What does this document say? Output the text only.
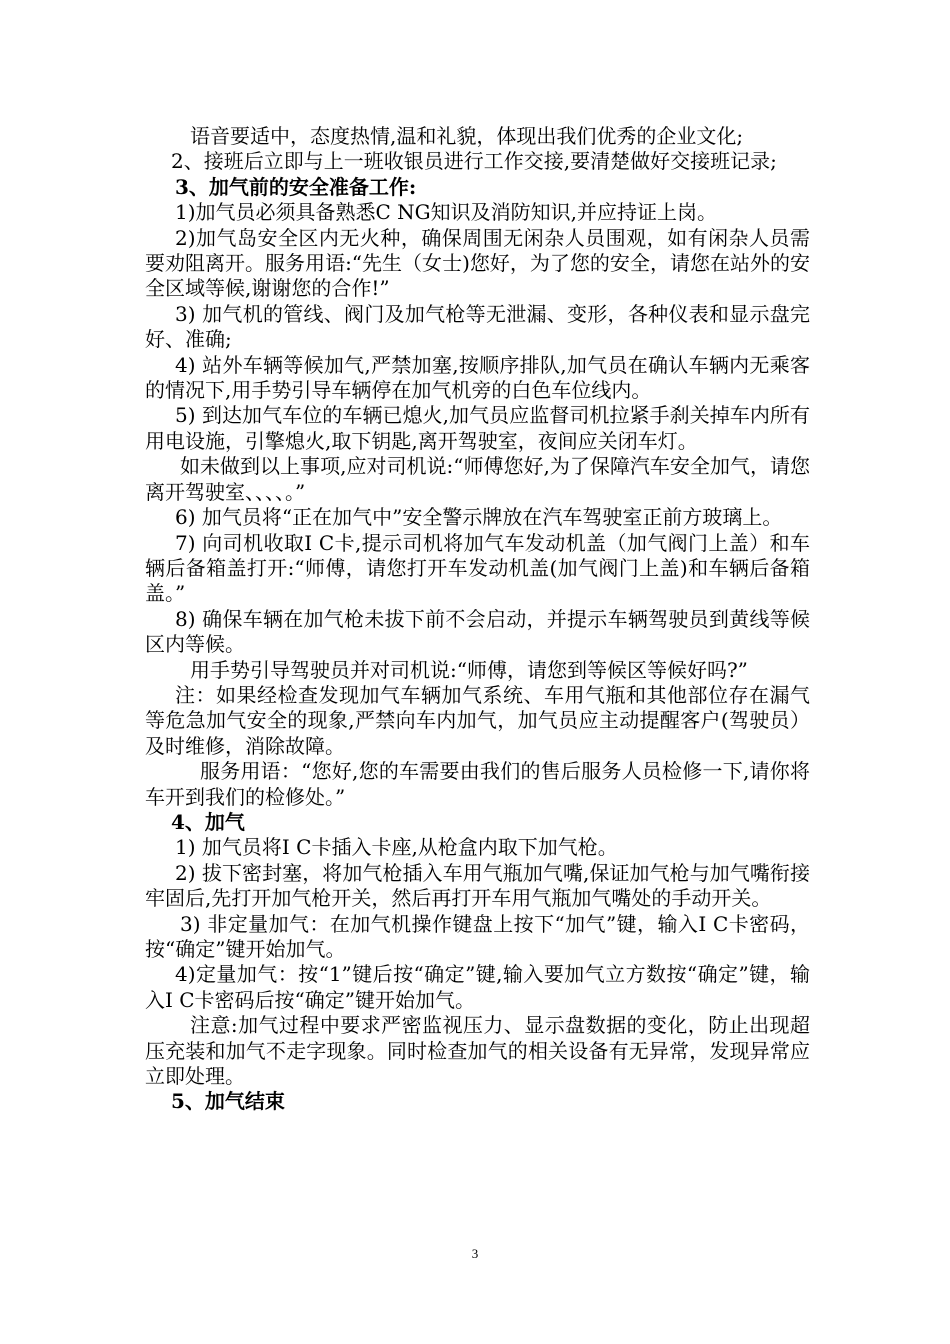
语音要适中，态度热情,温和礼貌，体现出我们优秀的企业文化;

2、接班后立即与上一班收银员进行工作交接,要清楚做好交接班记录;

3、加气前的安全准备工作:

1)加气员必须具备熟悉C NG知识及消防知识,并应持证上岗。

2)加气岛安全区内无火种，确保周围无闲杂人员围观，如有闲杂人员需要劝阻离开。服务用语:“先生（女士)您好，为了您的安全，请您在站外的安全区域等候,谢谢您的合作!”

3) 加气机的管线、阀门及加气枪等无泄漏、变形，各种仪表和显示盘完好、准确;

4) 站外车辆等候加气,严禁加塞,按顺序排队,加气员在确认车辆内无乘客的情况下,用手势引导车辆停在加气机旁的白色车位线内。

5) 到达加气车位的车辆已熄火,加气员应监督司机拉紧手刹关掉车内所有用电设施，引擎熄火,取下钥匙,离开驾驶室，夜间应关闭车灯。

如未做到以上事项,应对司机说:“师傅您好,为了保障汽车安全加气，请您离开驾驶室、、、、。”

6) 加气员将“正在加气中”安全警示牌放在汽车驾驶室正前方玻璃上。

7) 向司机收取I C卡,提示司机将加气车发动机盖（加气阀门上盖）和车辆后备箱盖打开:“师傅，请您打开车发动机盖(加气阀门上盖)和车辆后备箱盖。”

8) 确保车辆在加气枪未拔下前不会启动，并提示车辆驾驶员到黄线等候区内等候。

用手势引导驾驶员并对司机说:“师傅，请您到等候区等候好吗?”

注：如果经检查发现加气车辆加气系统、车用气瓶和其他部位存在漏气等危急加气安全的现象,严禁向车内加气，加气员应主动提醒客户(驾驶员）及时维修，消除故障。

服务用语：“您好,您的车需要由我们的售后服务人员检修一下,请你将车开到我们的检修处。”

4、加气

1) 加气员将I C卡插入卡座,从枪盒内取下加气枪。

2) 拔下密封塞，将加气枪插入车用气瓶加气嘴,保证加气枪与加气嘴衔接牢固后,先打开加气枪开关，然后再打开车用气瓶加气嘴处的手动开关。

3) 非定量加气：在加气机操作键盘上按下“加气”键，输入I C卡密码，按“确定”键开始加气。

4)定量加气：按“1”键后按“确定”键,输入要加气立方数按“确定”键，输入I C卡密码后按“确定”键开始加气。

注意:加气过程中要求严密监视压力、显示盘数据的变化，防止出现超压充装和加气不走字现象。同时检查加气的相关设备有无异常，发现异常应立即处理。

5、加气结束

3
